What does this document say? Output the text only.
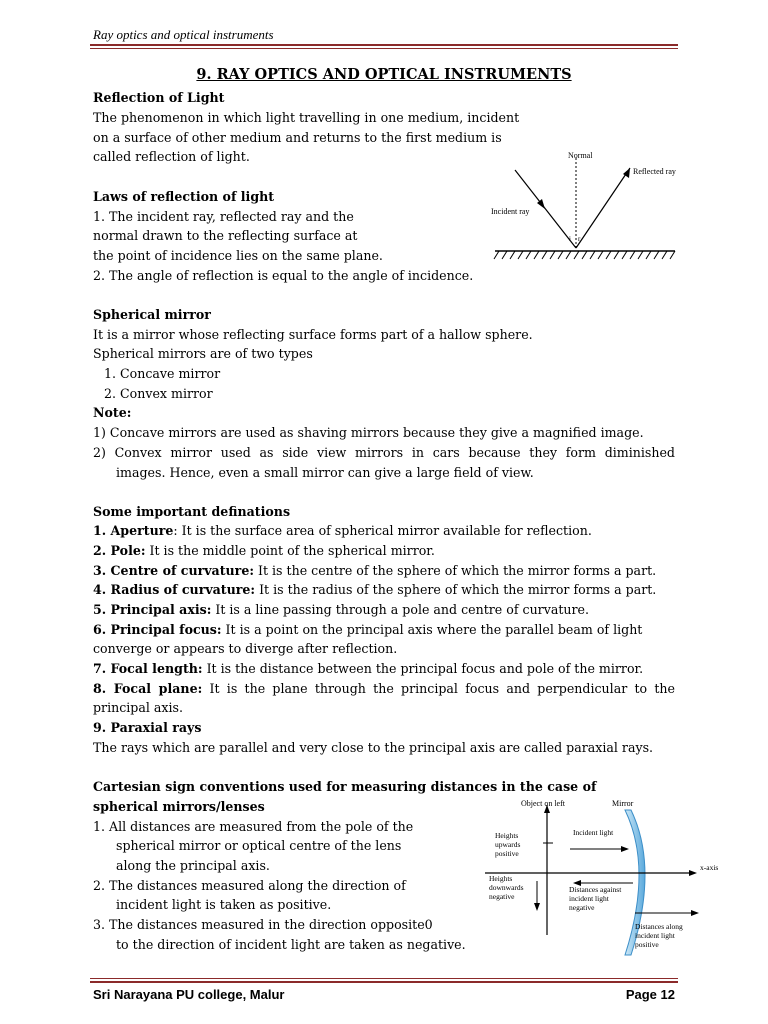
Ray optics and optical instruments
9. RAY OPTICS AND OPTICAL INSTRUMENTS
Reflection of Light
The phenomenon in which light travelling in one medium, incident
on a surface of other medium and returns to the first medium is
called reflection of light.
Laws of reflection of light
1. The incident ray, reflected ray and the
normal drawn to the reflecting surface at
the point of incidence lies on the same plane.
2. The angle of reflection is equal to the angle of incidence.
Normal
Reflected ray
Incident ray
i r
Spherical mirror
It is a mirror whose reflecting surface forms part of a hallow sphere.
Spherical mirrors are of two types
1. Concave mirror
2. Convex mirror
Note:
1) Concave mirrors are used as shaving mirrors because they give a magnified image.
2) Convex mirror used as side view mirrors in cars because they form diminished
images. Hence, even a small mirror can give a large field of view.
Some important definations
1. Aperture: It is the surface area of spherical mirror available for reflection.
2. Pole: It is the middle point of the spherical mirror.
3. Centre of curvature: It is the centre of the sphere of which the mirror forms a part.
4. Radius of curvature: It is the radius of the sphere of which the mirror forms a part.
5. Principal axis: It is a line passing through a pole and centre of curvature.
6. Principal focus: It is a point on the principal axis where the parallel beam of light
converge or appears to diverge after reflection.
7. Focal length: It is the distance between the principal focus and pole of the mirror.
8. Focal plane: It is the plane through the principal focus and perpendicular to the
principal axis.
9. Paraxial rays
The rays which are parallel and very close to the principal axis are called paraxial rays.
Cartesian sign conventions used for measuring distances in the case of
spherical mirrors/lenses
1. All distances are measured from the pole of the
spherical mirror or optical centre of the lens
along the principal axis.
2. The distances measured along the direction of
incident light is taken as positive.
3. The distances measured in the direction opposite0
to the direction of incident light are taken as negative.
Object on left	Mirror
Heights
upwards
positive
Incident light
x-axis
Heights
downwards
negative
Distances against
incident light
negative
Distances along
incident light
positive
Sri Narayana PU college, Malur	Page 12
